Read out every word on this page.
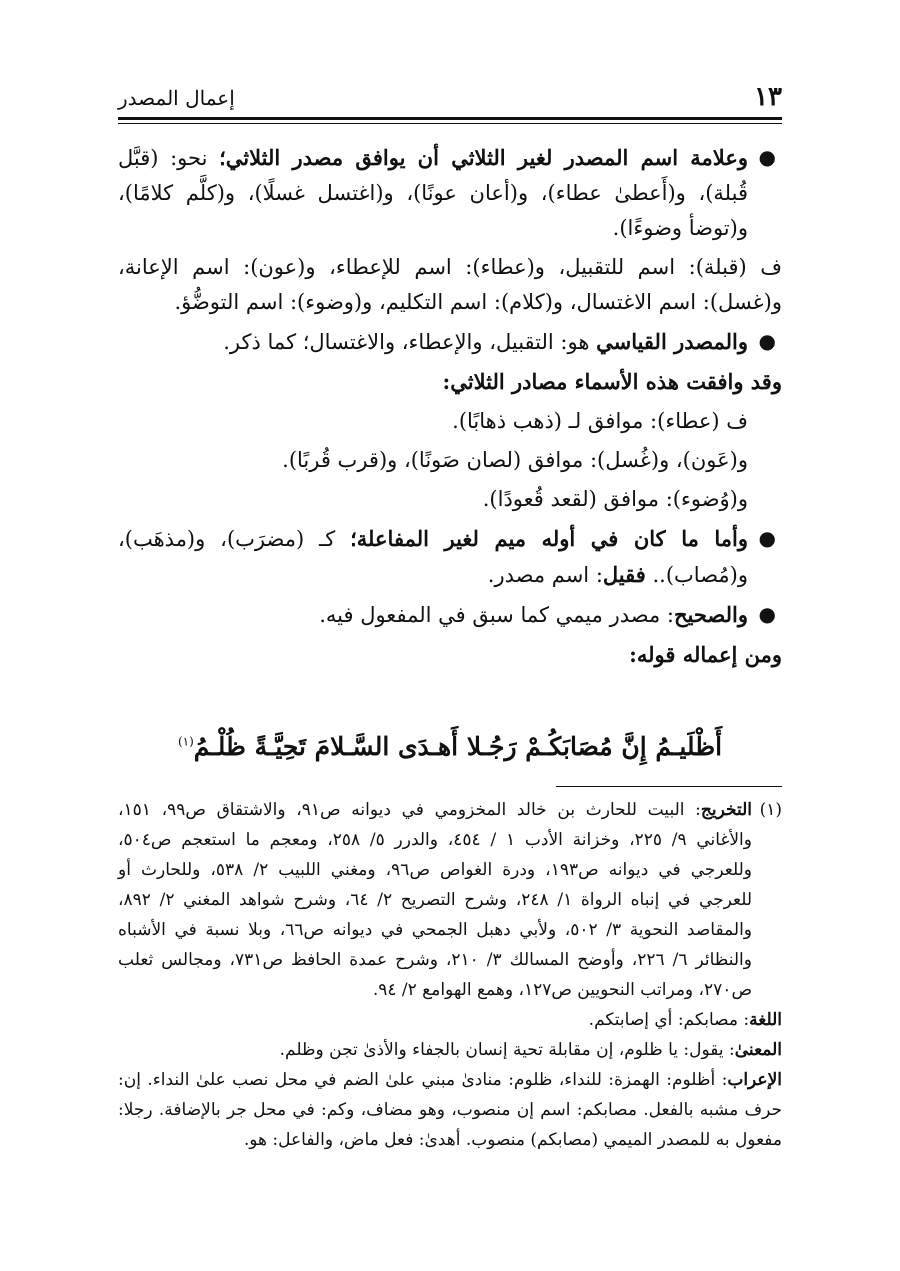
١٣
إعمال المصدر

●
وعلامة اسم المصدر لغير الثلاثي أن يوافق مصدر الثلاثي؛ نحو: (قبَّل قُبلة)، و(أَعطىٰ عطاء)، و(أعان عونًا)، و(اغتسل غسلًا)، و(كلَّم كلامًا)، و(توضأ وضوءًا).

ف (قبلة): اسم للتقبيل، و(عطاء): اسم للإعطاء، و(عون): اسم الإعانة، و(غسل): اسم الاغتسال، و(كلام): اسم التكليم، و(وضوء): اسم التوضُّؤ.

●
والمصدر القياسي هو: التقبيل، والإعطاء، والاغتسال؛ كما ذكر.

وقد وافقت هذه الأسماء مصادر الثلاثي:

ف (عطاء): موافق لـ (ذهب ذهابًا).

و(عَون)، و(غُسل): موافق (لصان صَونًا)، و(قرب قُربًا).

و(وُضوء): موافق (لقعد قُعودًا).

●
وأما ما كان في أوله ميم لغير المفاعلة؛ كـ (مضرَب)، و(مذهَب)، و(مُصاب).. فقيل: اسم مصدر.

●
والصحيح: مصدر ميمي كما سبق في المفعول فيه.

ومن إعماله قوله:

أَظْلَيـمُ إِنَّ مُصَابَكُـمْ رَجُـلا أَهـدَى السَّـلامَ تَحِيَّـةً ظُلْـمُ$^{(١)}$

(١)
التخريج: البيت للحارث بن خالد المخزومي في ديوانه ص٩١، والاشتقاق ص٩٩، ١٥١، والأغاني ٩/ ٢٢٥، وخزانة الأدب ١ / ٤٥٤، والدرر ٥/ ٢٥٨، ومعجم ما استعجم ص٥٠٤، وللعرجي في ديوانه ص١٩٣، ودرة الغواص ص٩٦، ومغني اللبيب ٢/ ٥٣٨، وللحارث أو للعرجي في إنباه الرواة ١/ ٢٤٨، وشرح التصريح ٢/ ٦٤، وشرح شواهد المغني ٢/ ٨٩٢، والمقاصد النحوية ٣/ ٥٠٢، ولأبي دهبل الجمحي في ديوانه ص٦٦، وبلا نسبة في الأشباه والنظائر ٦/ ٢٢٦، وأوضح المسالك ٣/ ٢١٠، وشرح عمدة الحافظ ص٧٣١، ومجالس ثعلب ص٢٧٠، ومراتب النحويين ص١٢٧، وهمع الهوامع ٢/ ٩٤.

اللغة: مصابكم: أي إصابتكم.

المعنىٰ: يقول: يا ظلوم، إن مقابلة تحية إنسان بالجفاء والأذىٰ تجن وظلم.

الإعراب: أظلوم: الهمزة: للنداء، ظلوم: منادىٰ مبني علىٰ الضم في محل نصب علىٰ النداء. إن: حرف مشبه بالفعل. مصابكم: اسم إن منصوب، وهو مضاف، وكم: في محل جر بالإضافة. رجلا: مفعول به للمصدر الميمي (مصابكم) منصوب. أهدىٰ: فعل ماض، والفاعل: هو.
